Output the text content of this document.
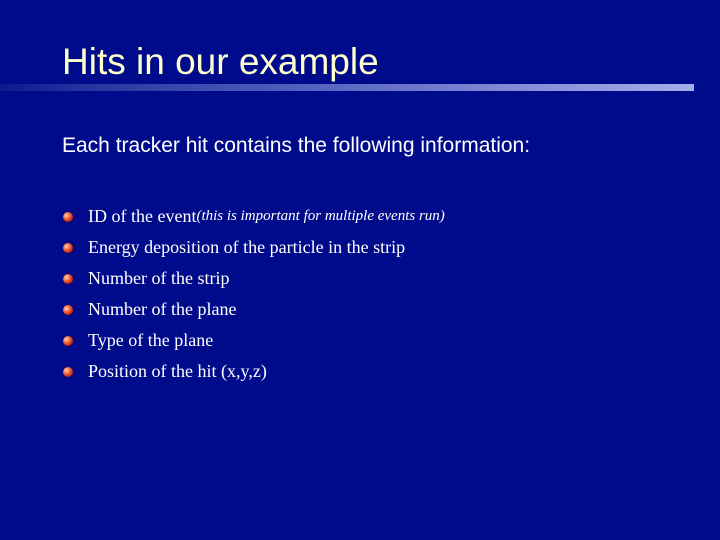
Hits in our example

Each tracker hit contains the following information:

ID of the event (this is important for multiple events run)
Energy deposition of the particle in the strip
Number of the strip
Number of the plane
Type of the plane
Position of the hit (x,y,z)
